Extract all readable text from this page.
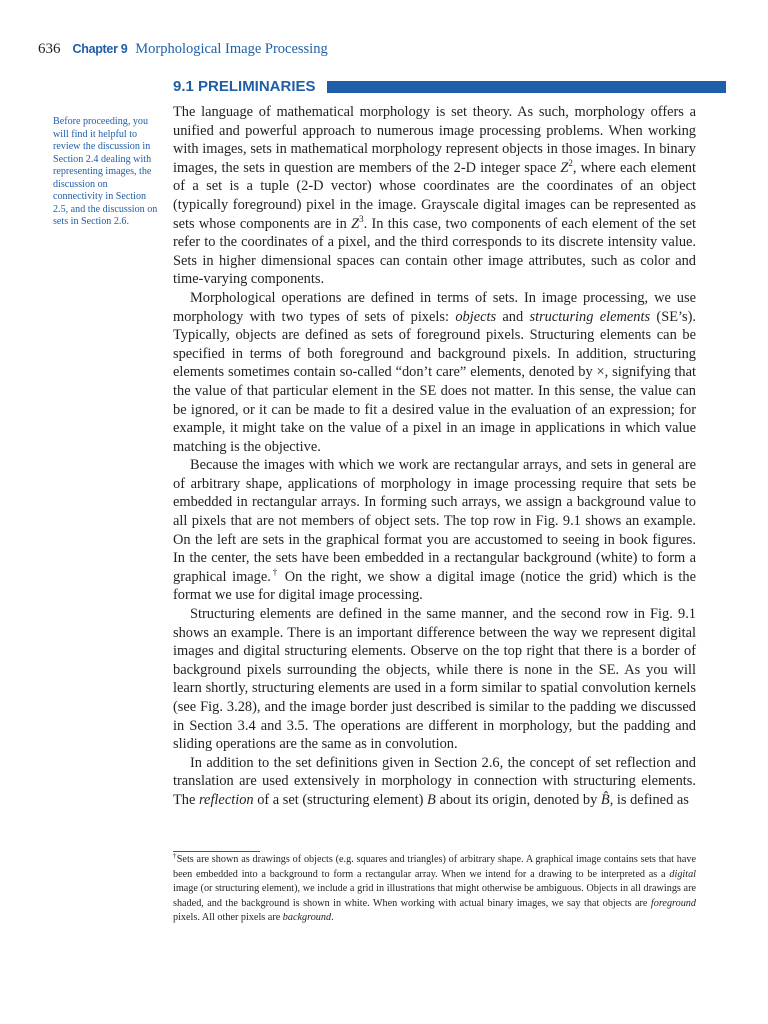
636 Chapter 9 Morphological Image Processing
9.1 PRELIMINARIES
Before proceeding, you
will find it helpful to
review the discussion in
Section 2.4 dealing with
representing images, the
discussion on
connectivity in Section
2.5, and the discussion on
sets in Section 2.6.

The language of mathematical morphology is set theory. As such, morphology offers a unified and powerful approach to numerous image processing problems. When working with images, sets in mathematical morphology represent objects in those images. In binary images, the sets in question are members of the 2-D integer space $Z^2$, where each element of a set is a tuple (2-D vector) whose coordinates are the coordinates of an object (typically foreground) pixel in the image. Grayscale digital images can be represented as sets whose components are in $Z^3$. In this case, two components of each element of the set refer to the coordinates of a pixel, and the third corresponds to its discrete intensity value. Sets in higher dimensional spaces can contain other image attributes, such as color and time-varying components.

Morphological operations are defined in terms of sets. In image processing, we use morphology with two types of sets of pixels: objects and structuring elements (SE’s). Typically, objects are defined as sets of foreground pixels. Structuring elements can be specified in terms of both foreground and background pixels. In addition, structuring elements sometimes contain so-called “don’t care” elements, denoted by ×, signifying that the value of that particular element in the SE does not matter. In this sense, the value can be ignored, or it can be made to fit a desired value in the evaluation of an expression; for example, it might take on the value of a pixel in an image in applications in which value matching is the objective.

Because the images with which we work are rectangular arrays, and sets in general are of arbitrary shape, applications of morphology in image processing require that sets be embedded in rectangular arrays. In forming such arrays, we assign a background value to all pixels that are not members of object sets. The top row in Fig. 9.1 shows an example. On the left are sets in the graphical format you are accustomed to seeing in book figures. In the center, the sets have been embedded in a rectangular background (white) to form a graphical image.† On the right, we show a digital image (notice the grid) which is the format we use for digital image processing.

Structuring elements are defined in the same manner, and the second row in Fig. 9.1 shows an example. There is an important difference between the way we represent digital images and digital structuring elements. Observe on the top right that there is a border of background pixels surrounding the objects, while there is none in the SE. As you will learn shortly, structuring elements are used in a form similar to spatial convolution kernels (see Fig. 3.28), and the image border just described is similar to the padding we discussed in Section 3.4 and 3.5. The operations are different in morphology, but the padding and sliding operations are the same as in convolution.

In addition to the set definitions given in Section 2.6, the concept of set reflection and translation are used extensively in morphology in connection with structuring elements. The reflection of a set (structuring element) B about its origin, denoted by B̂, is defined as

†Sets are shown as drawings of objects (e.g. squares and triangles) of arbitrary shape. A graphical image contains sets that have been embedded into a background to form a rectangular array. When we intend for a drawing to be interpreted as a digital image (or structuring element), we include a grid in illustrations that might otherwise be ambiguous. Objects in all drawings are shaded, and the background is shown in white. When working with actual binary images, we say that objects are foreground pixels. All other pixels are background.
